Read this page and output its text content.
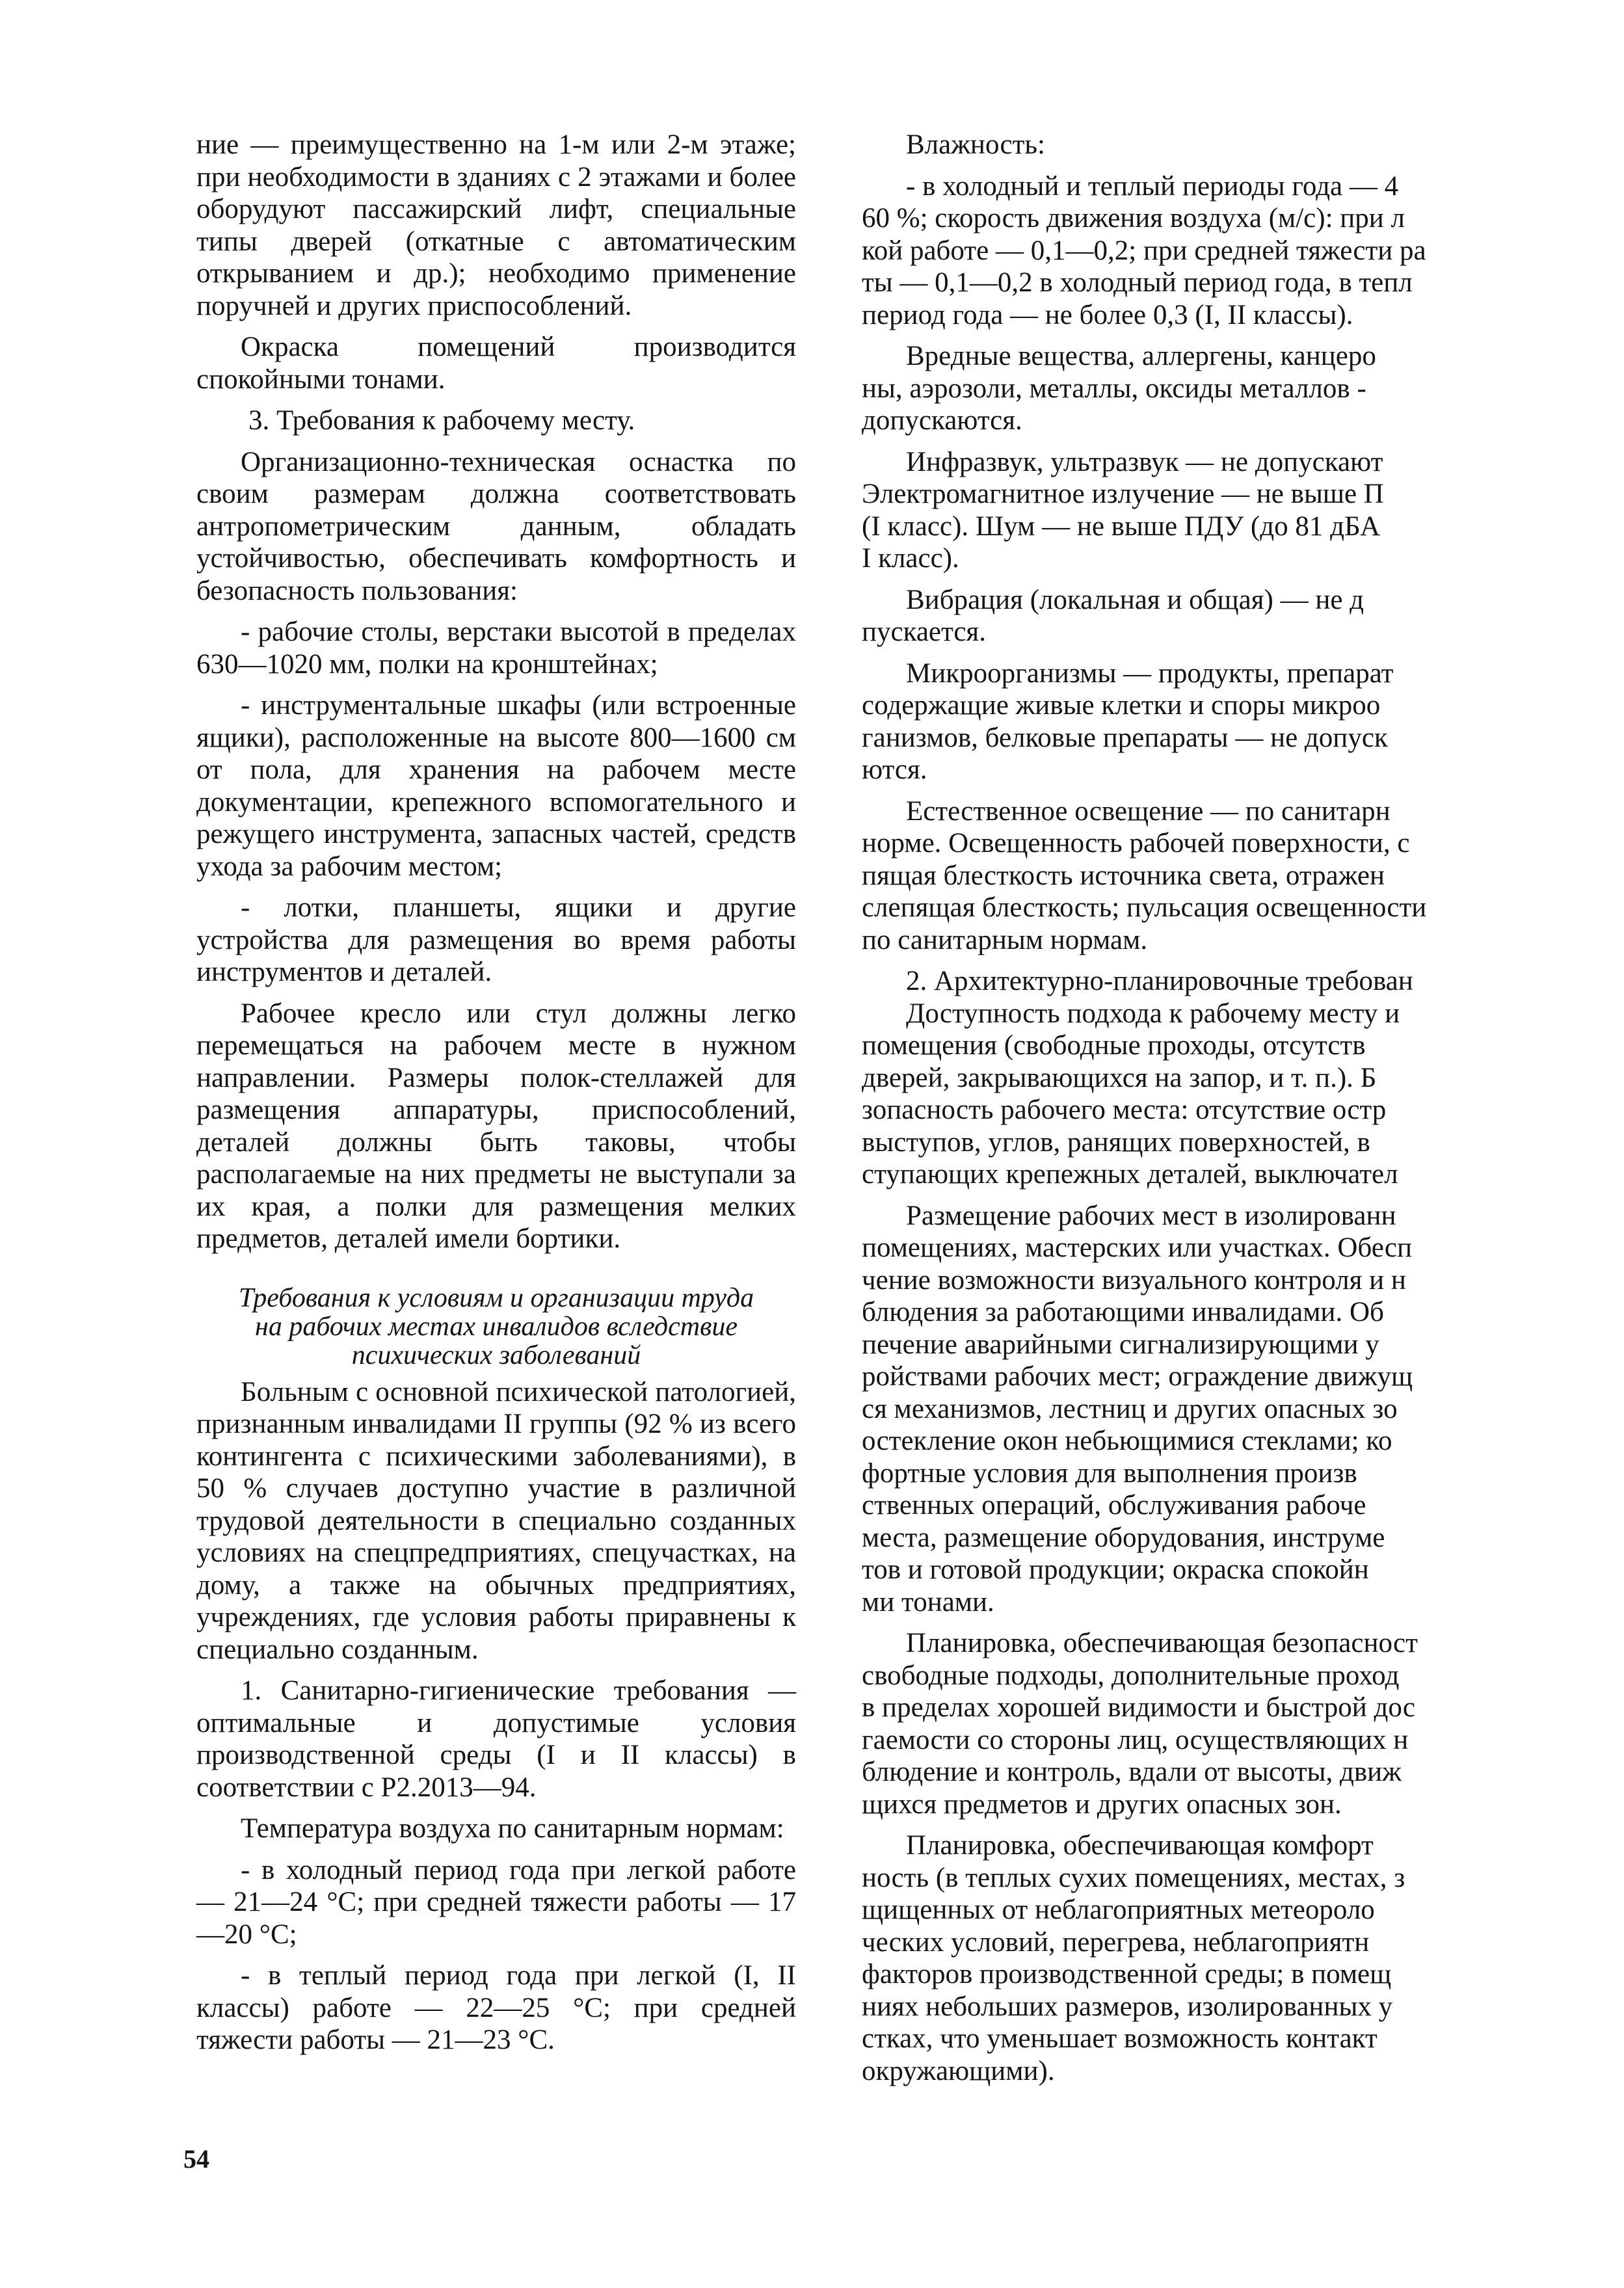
ние — преимущественно на 1-м или 2-м этаже; при необходимости в зданиях с 2 этажами и более оборудуют пассажирский лифт, специальные типы дверей (откатные с автоматическим открыванием и др.); необходимо применение поручней и других приспособлений.

Окраска помещений производится спокойными тонами.

3. Требования к рабочему месту.

Организационно-техническая оснастка по своим размерам должна соответствовать антропометрическим данным, обладать устойчивостью, обеспечивать комфортность и безопасность пользования:

- рабочие столы, верстаки высотой в пределах 630—1020 мм, полки на кронштейнах;

- инструментальные шкафы (или встроенные ящики), расположенные на высоте 800—1600 см от пола, для хранения на рабочем месте документации, крепежного вспомогательного и режущего инструмента, запасных частей, средств ухода за рабочим местом;

- лотки, планшеты, ящики и другие устройства для размещения во время работы инструментов и деталей.

Рабочее кресло или стул должны легко перемещаться на рабочем месте в нужном направлении. Размеры полок-стеллажей для размещения аппаратуры, приспособлений, деталей должны быть таковы, чтобы располагаемые на них предметы не выступали за их края, а полки для размещения мелких предметов, деталей имели бортики.

Требования к условиям и организации труда
на рабочих местах инвалидов вследствие
психических заболеваний

Больным с основной психической патологией, признанным инвалидами II группы (92 % из всего контингента с психическими заболеваниями), в 50 % случаев доступно участие в различной трудовой деятельности в специально созданных условиях на спецпредприятиях, спецучастках, на дому, а также на обычных предприятиях, учреждениях, где условия работы приравнены к специально созданным.

1. Санитарно-гигиенические требования — оптимальные и допустимые условия производственной среды (I и II классы) в соответствии с Р2.2013—94.

Температура воздуха по санитарным нормам:

- в холодный период года при легкой работе — 21—24 °С; при средней тяжести работы — 17—20 °С;

- в теплый период года при легкой (I, II классы) работе — 22—25 °С; при средней тяжести работы — 21—23 °С.

Влажность:
- в холодный и теплый периоды года — 4
60 %; скорость движения воздуха (м/с): при л
кой работе — 0,1—0,2; при средней тяжести ра
ты — 0,1—0,2 в холодный период года, в тепл
период года — не более 0,3 (I, II классы).
Вредные вещества, аллергены, канцеро
ны, аэрозоли, металлы, оксиды металлов -
допускаются.
Инфразвук, ультразвук — не допускают
Электромагнитное излучение — не выше П
(I класс). Шум — не выше ПДУ (до 81 дБА
I класс).
Вибрация (локальная и общая) — не д
пускается.
Микроорганизмы — продукты, препарат
содержащие живые клетки и споры микроо
ганизмов, белковые препараты — не допуск
ются.
Естественное освещение — по санитарн
норме. Освещенность рабочей поверхности, с
пящая блесткость источника света, отражен
слепящая блесткость; пульсация освещенности
по санитарным нормам.
2. Архитектурно-планировочные требован
Доступность подхода к рабочему месту и
помещения (свободные проходы, отсутств
дверей, закрывающихся на запор, и т. п.). Б
зопасность рабочего места: отсутствие остр
выступов, углов, ранящих поверхностей, в
ступающих крепежных деталей, выключател
Размещение рабочих мест в изолированн
помещениях, мастерских или участках. Обесп
чение возможности визуального контроля и н
блюдения за работающими инвалидами. Об
печение аварийными сигнализирующими у
ройствами рабочих мест; ограждение движущ
ся механизмов, лестниц и других опасных зо
остекление окон небьющимися стеклами; ко
фортные условия для выполнения произв
ственных операций, обслуживания рабоче
места, размещение оборудования, инструме
тов и готовой продукции; окраска спокойн
ми тонами.
Планировка, обеспечивающая безопасност
свободные подходы, дополнительные проход
в пределах хорошей видимости и быстрой дос
гаемости со стороны лиц, осуществляющих н
блюдение и контроль, вдали от высоты, движ
щихся предметов и других опасных зон.
Планировка, обеспечивающая комфорт
ность (в теплых сухих помещениях, местах, з
щищенных от неблагоприятных метеороло
ческих условий, перегрева, неблагоприятн
факторов производственной среды; в помещ
ниях небольших размеров, изолированных у
стках, что уменьшает возможность контакт
окружающими).
54
